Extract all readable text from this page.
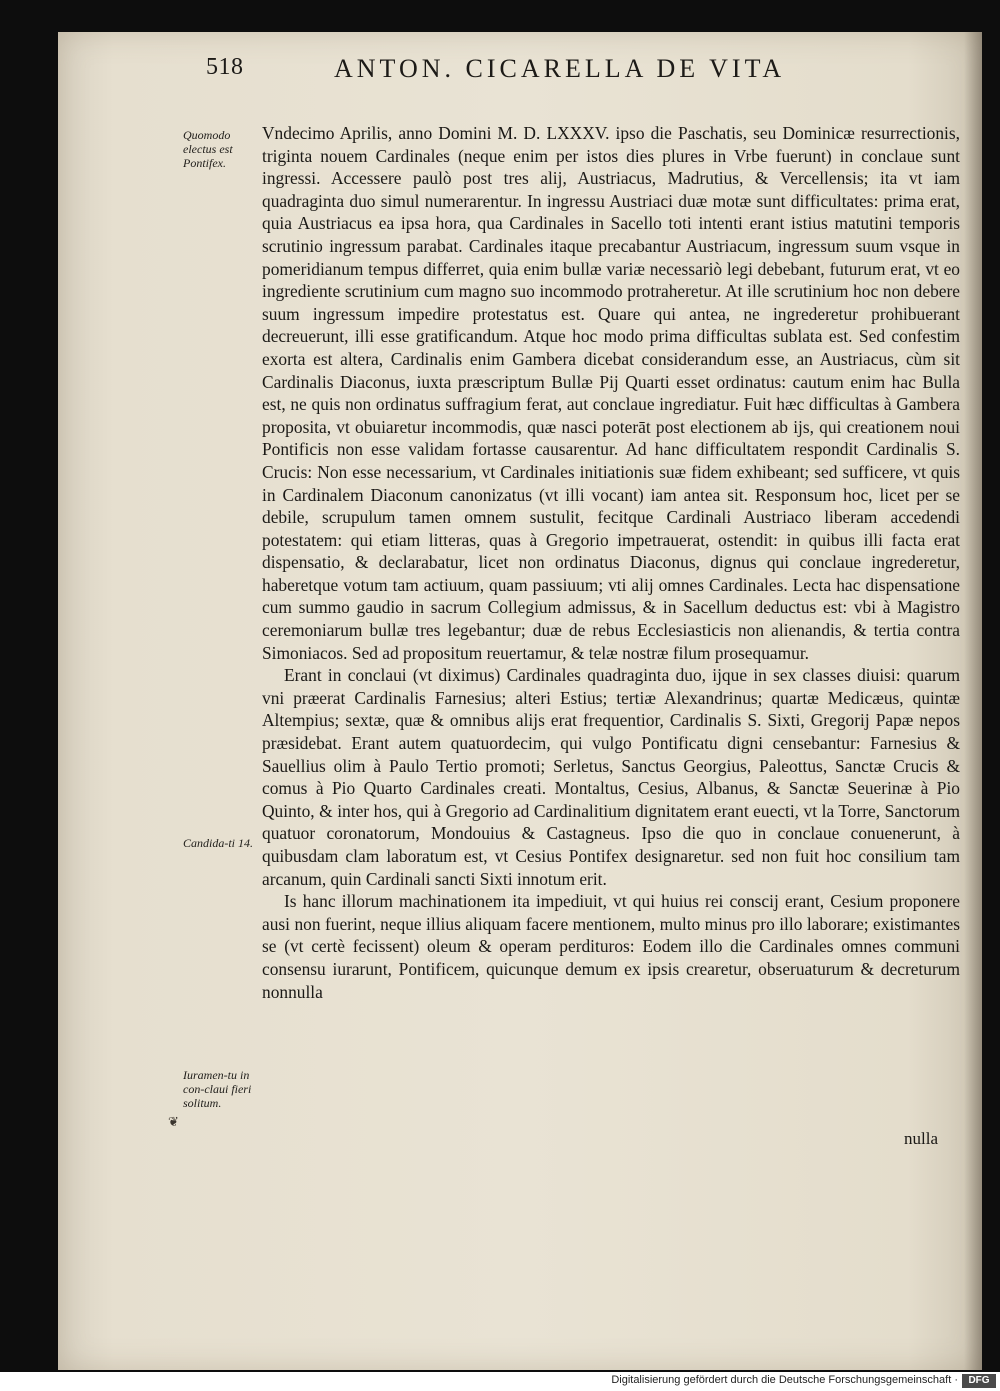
518	ANTON. CICARELLA DE VITA
Quomodo electus est Pontifex.
Candida-ti 14.
Iuramen-tu in con-claui fieri solitum.
❦

Vndecimo Aprilis, anno Domini M. D. LXXXV. ipso die Paschatis, seu Dominicæ resurrectionis, triginta nouem Cardinales (neque enim per istos dies plures in Vrbe fuerunt) in conclaue sunt ingressi. Accessere paulò post tres alij, Austriacus, Madrutius, & Vercellensis; ita vt iam quadraginta duo simul numerarentur. In ingressu Austriaci duæ motæ sunt difficultates: prima erat, quia Austriacus ea ipsa hora, qua Cardinales in Sacello toti intenti erant istius matutini temporis scrutinio ingressum parabat. Cardinales itaque precabantur Austriacum, ingressum suum vsque in pomeridianum tempus differret, quia enim bullæ variæ necessariò legi debebant, futurum erat, vt eo ingrediente scrutinium cum magno suo incommodo protraheretur. At ille scrutinium hoc non debere suum ingressum impedire protestatus est. Quare qui antea, ne ingrederetur prohibuerant decreuerunt, illi esse gratificandum. Atque hoc modo prima difficultas sublata est. Sed confestim exorta est altera, Cardinalis enim Gambera dicebat considerandum esse, an Austriacus, cùm sit Cardinalis Diaconus, iuxta præscriptum Bullæ Pij Quarti esset ordinatus: cautum enim hac Bulla est, ne quis non ordinatus suffragium ferat, aut conclaue ingrediatur. Fuit hæc difficultas à Gambera proposita, vt obuiaretur incommodis, quæ nasci poterāt post electionem ab ijs, qui creationem noui Pontificis non esse validam fortasse causarentur. Ad hanc difficultatem respondit Cardinalis S. Crucis: Non esse necessarium, vt Cardinales initiationis suæ fidem exhibeant; sed sufficere, vt quis in Cardinalem Diaconum canonizatus (vt illi vocant) iam antea sit. Responsum hoc, licet per se debile, scrupulum tamen omnem sustulit, fecitque Cardinali Austriaco liberam accedendi potestatem: qui etiam litteras, quas à Gregorio impetrauerat, ostendit: in quibus illi facta erat dispensatio, & declarabatur, licet non ordinatus Diaconus, dignus qui conclaue ingrederetur, haberetque votum tam actiuum, quam passiuum; vti alij omnes Cardinales. Lecta hac dispensatione cum summo gaudio in sacrum Collegium admissus, & in Sacellum deductus est: vbi à Magistro ceremoniarum bullæ tres legebantur; duæ de rebus Ecclesiasticis non alienandis, & tertia contra Simoniacos. Sed ad propositum reuertamur, & telæ nostræ filum prosequamur.

Erant in conclaui (vt diximus) Cardinales quadraginta duo, ijque in sex classes diuisi: quarum vni præerat Cardinalis Farnesius; alteri Estius; tertiæ Alexandrinus; quartæ Medicæus, quintæ Altempius; sextæ, quæ & omnibus alijs erat frequentior, Cardinalis S. Sixti, Gregorij Papæ nepos præsidebat. Erant autem quatuordecim, qui vulgo Pontificatu digni censebantur: Farnesius & Sauellius olim à Paulo Tertio promoti; Serletus, Sanctus Georgius, Paleottus, Sanctæ Crucis & comus à Pio Quarto Cardinales creati. Montaltus, Cesius, Albanus, & Sanctæ Seuerinæ à Pio Quinto, & inter hos, qui à Gregorio ad Cardinalitium dignitatem erant euecti, vt la Torre, Sanctorum quatuor coronatorum, Mondouius & Castagneus. Ipso die quo in conclaue conuenerunt, à quibusdam clam laboratum est, vt Cesius Pontifex designaretur. sed non fuit hoc consilium tam arcanum, quin Cardinali sancti Sixti innotum erit.

Is hanc illorum machinationem ita impediuit, vt qui huius rei conscij erant, Cesium proponere ausi non fuerint, neque illius aliquam facere mentionem, multo minus pro illo laborare; existimantes se (vt certè fecissent) oleum & operam perdituros: Eodem illo die Cardinales omnes communi consensu iurarunt, Pontificem, quicunque demum ex ipsis crearetur, obseruaturum & decreturum nonnulla

nulla
Digitalisierung gefördert durch die Deutsche Forschungsgemeinschaft ·	DFG
